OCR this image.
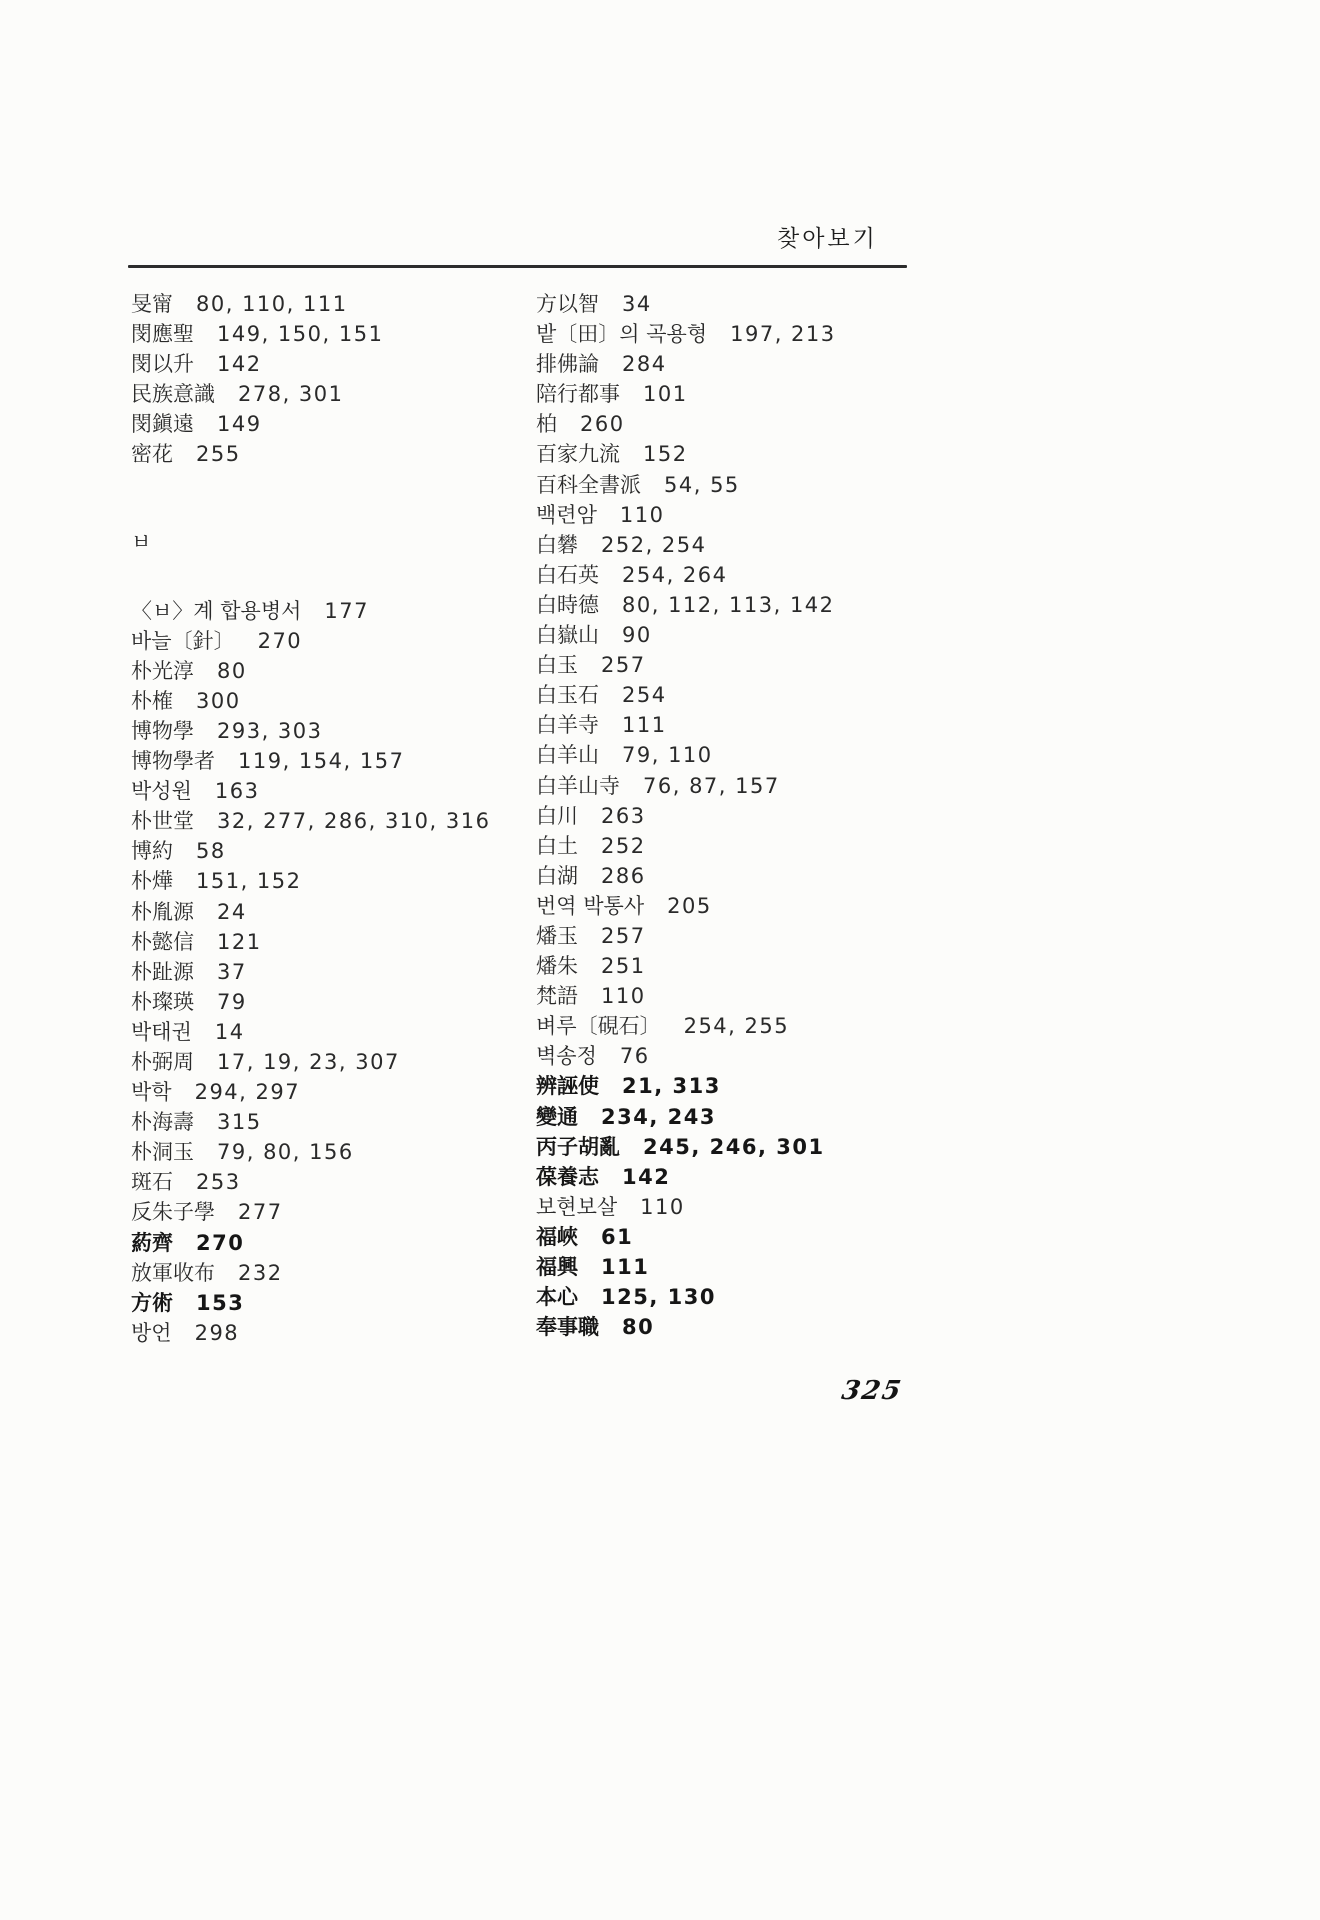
찾아보기
旻甯 80, 110, 111
閔應聖 149, 150, 151
閔以升 142
民族意識 278, 301
閔鎭遠 149
密花 255
ㅂ
〈ㅂ〉계 합용병서 177
바늘〔針〕 270
朴光淳 80
朴榷 300
博物學 293, 303
博物學者 119, 154, 157
박성원 163
朴世堂 32, 277, 286, 310, 316
博約 58
朴燁 151, 152
朴胤源 24
朴懿信 121
朴趾源 37
朴璨瑛 79
박태권 14
朴弼周 17, 19, 23, 307
박학 294, 297
朴海壽 315
朴洞玉 79, 80, 156
斑石 253
反朱子學 277
葯齊 270
放軍收布 232
方術 153
방언 298
方以智 34
밭〔田〕의 곡용형 197, 213
排佛論 284
陪行都事 101
柏 260
百家九流 152
百科全書派 54, 55
백련암 110
白礬 252, 254
白石英 254, 264
白時德 80, 112, 113, 142
白嶽山 90
白玉 257
白玉石 254
白羊寺 111
白羊山 79, 110
白羊山寺 76, 87, 157
白川 263
白土 252
白湖 286
번역 박통사 205
燔玉 257
燔朱 251
梵語 110
벼루〔硯石〕 254, 255
벽송정 76
辨誣使 21, 313
變通 234, 243
丙子胡亂 245, 246, 301
葆養志 142
보현보살 110
福峽 61
福興 111
本心 125, 130
奉事職 80
325
